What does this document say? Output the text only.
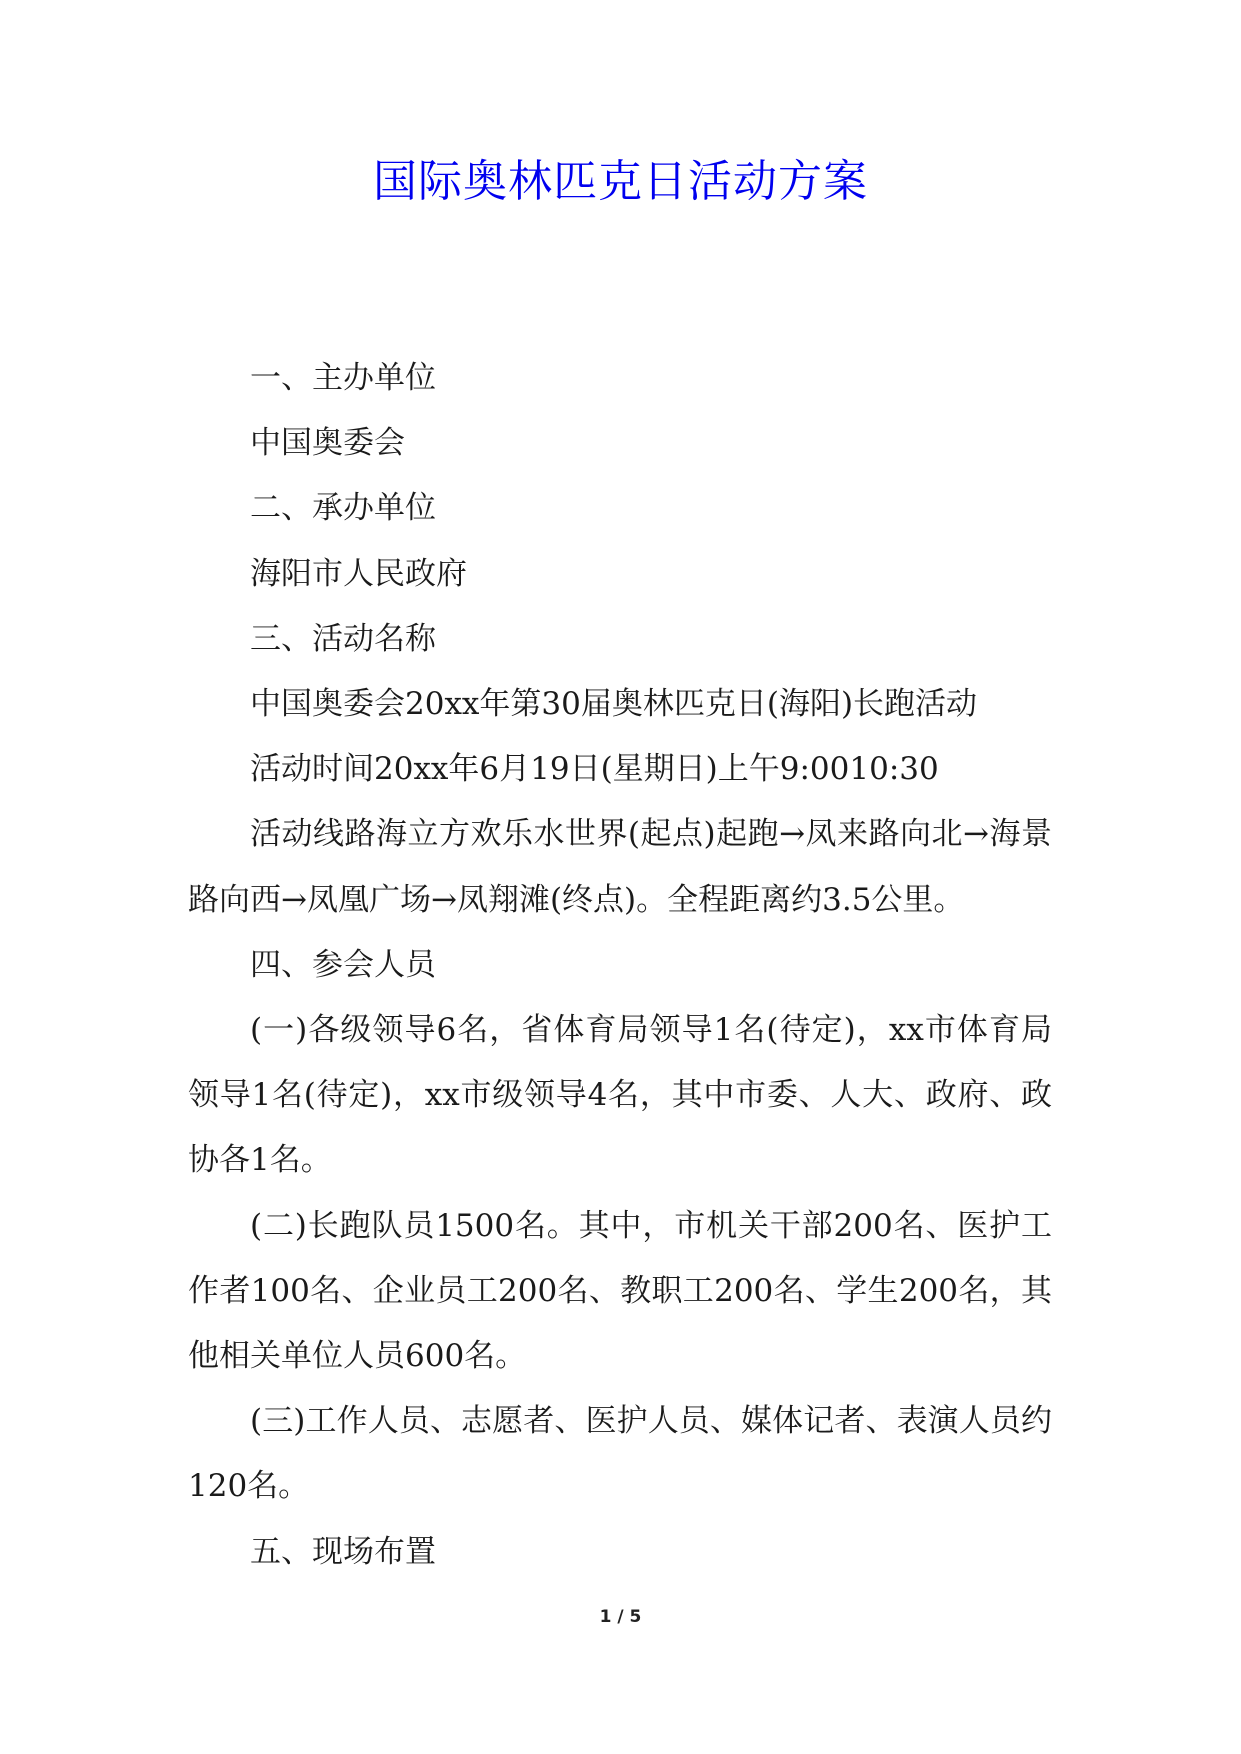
国际奥林匹克日活动方案

一、主办单位

中国奥委会

二、承办单位

海阳市人民政府

三、活动名称

中国奥委会20xx年第30届奥林匹克日(海阳)长跑活动

活动时间20xx年6月19日(星期日)上午9:0010:30

活动线路海立方欢乐水世界(起点)起跑→凤来路向北→海景路向西→凤凰广场→凤翔滩(终点)。全程距离约3.5公里。

四、参会人员

(一)各级领导6名，省体育局领导1名(待定)，xx市体育局领导1名(待定)，xx市级领导4名，其中市委、人大、政府、政协各1名。

(二)长跑队员1500名。其中，市机关干部200名、医护工作者100名、企业员工200名、教职工200名、学生200名，其他相关单位人员600名。

(三)工作人员、志愿者、医护人员、媒体记者、表演人员约120名。

五、现场布置

1 / 5
